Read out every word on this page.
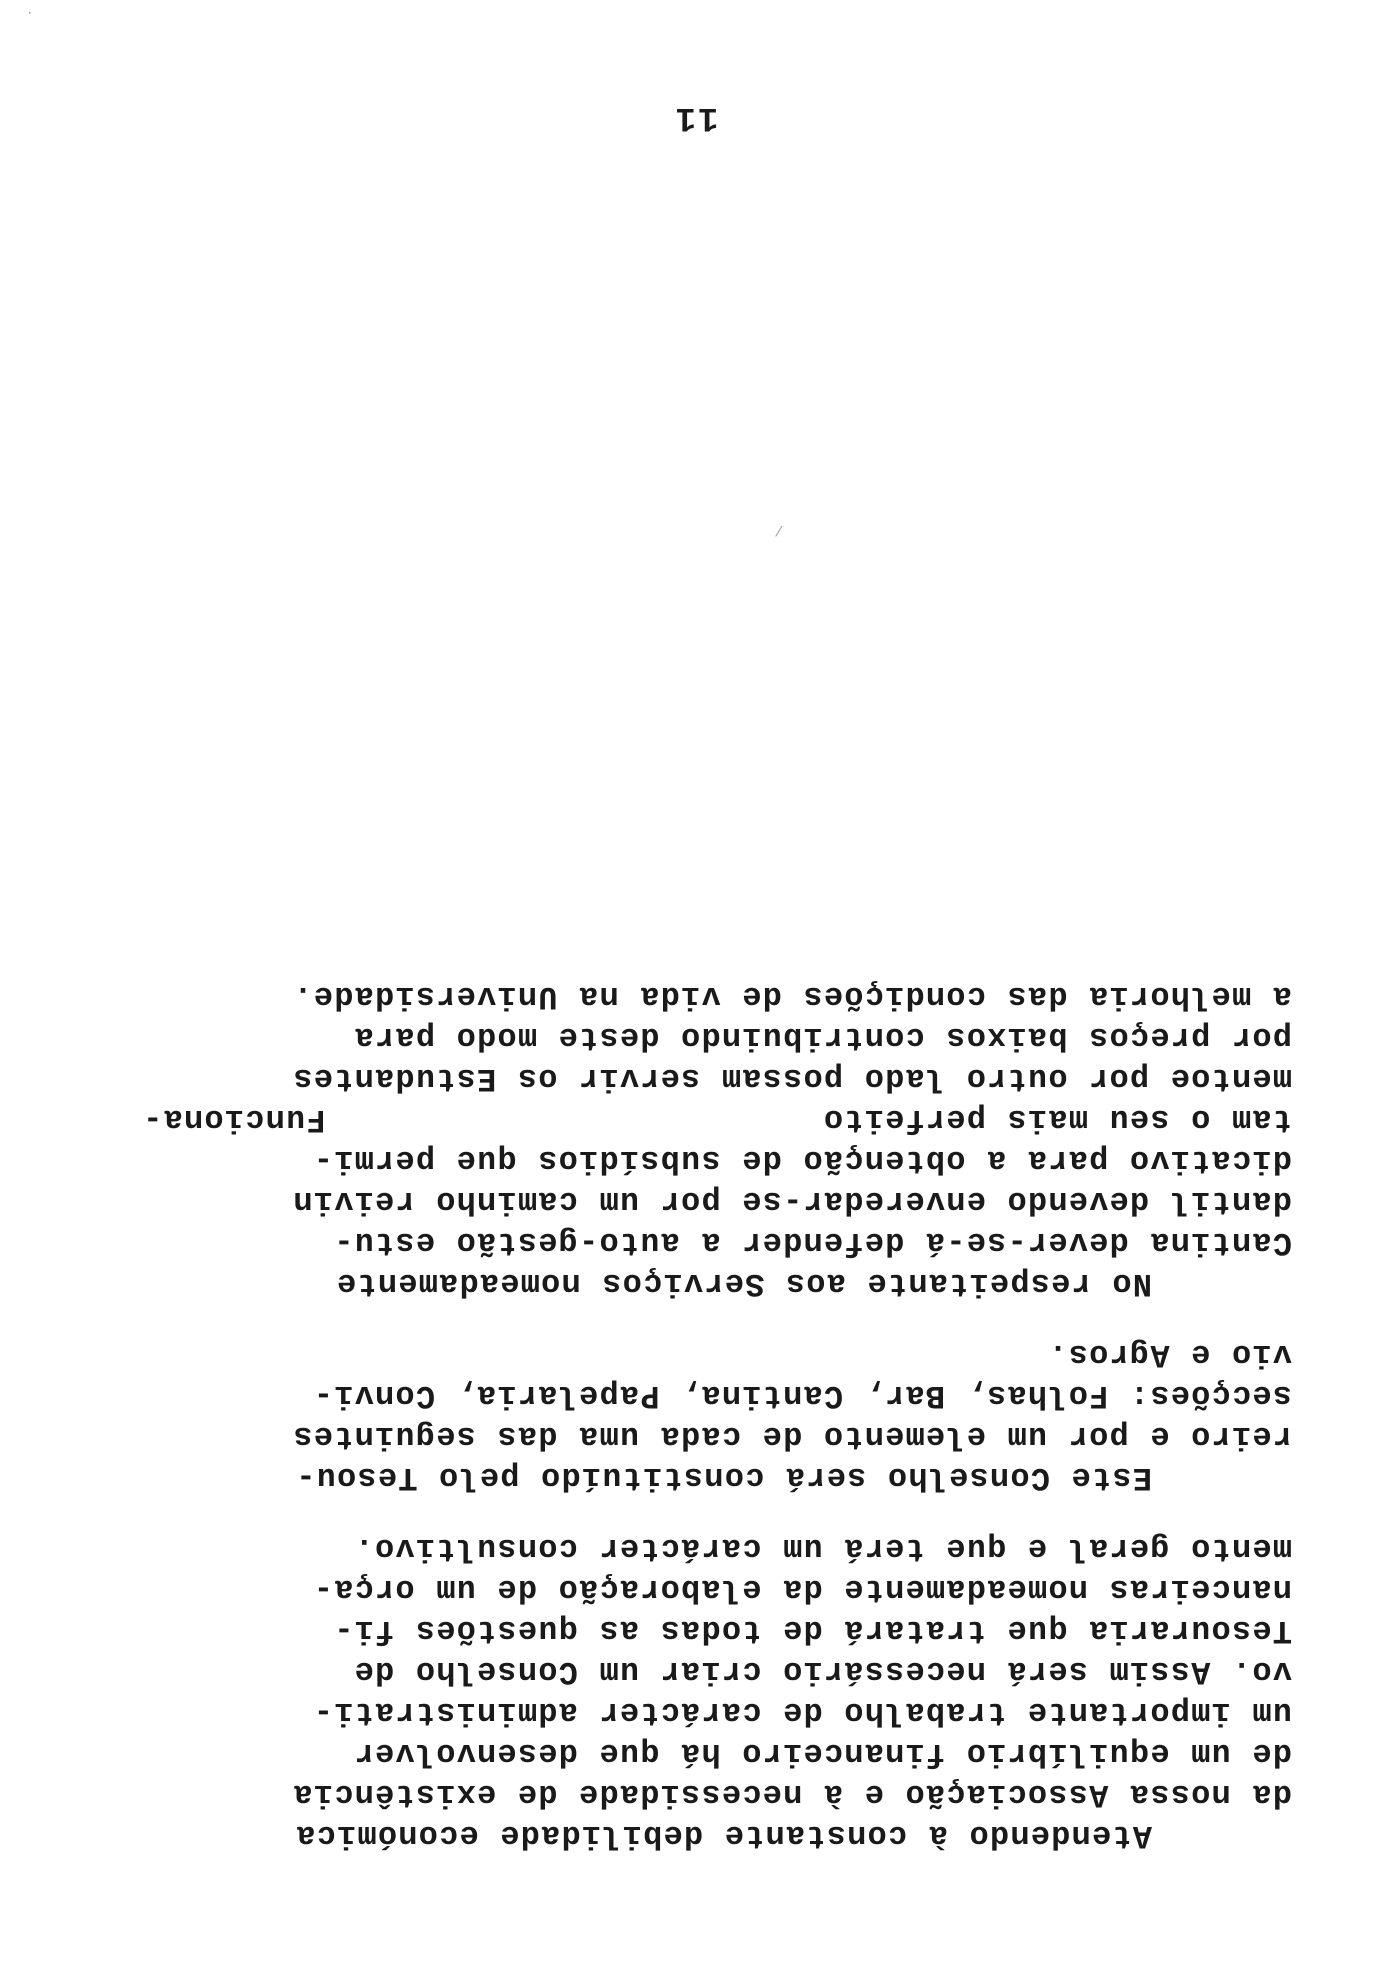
Atendendo à constante debilidade económica
da nossa Associação e à necessidade de existência
de um equilíbrio financeiro há que desenvolver
um importante trabalho de carácter administrati-
vo. Assim será necessário criar um Conselho de
Tesouraria que tratará de todas as questões fi-
nanceiras nomeadamente da elaboração de um orça-
mento geral e que terá um carácter consultivo.
Este Conselho será constituído pelo Tesou-
reiro e por um elemento de cada uma das seguintes
secções: Folhas, Bar, Cantina, Papelaria, Convi-
vio e Agros.
No respeitante aos Serviços nomeadamente
Cantina dever-se-á defender a auto-gestão estu-
dantil devendo enveredar-se por um caminho reivin
dicativo para a obtenção de subsídios que permi-
tam o seu mais perfeito
Funciona-
mentoe por outro lado possam servir os Estudantes
por preços baixos contribuindo deste modo para
a melhoria das condições de vida na Universidade.
11
⁄
·
